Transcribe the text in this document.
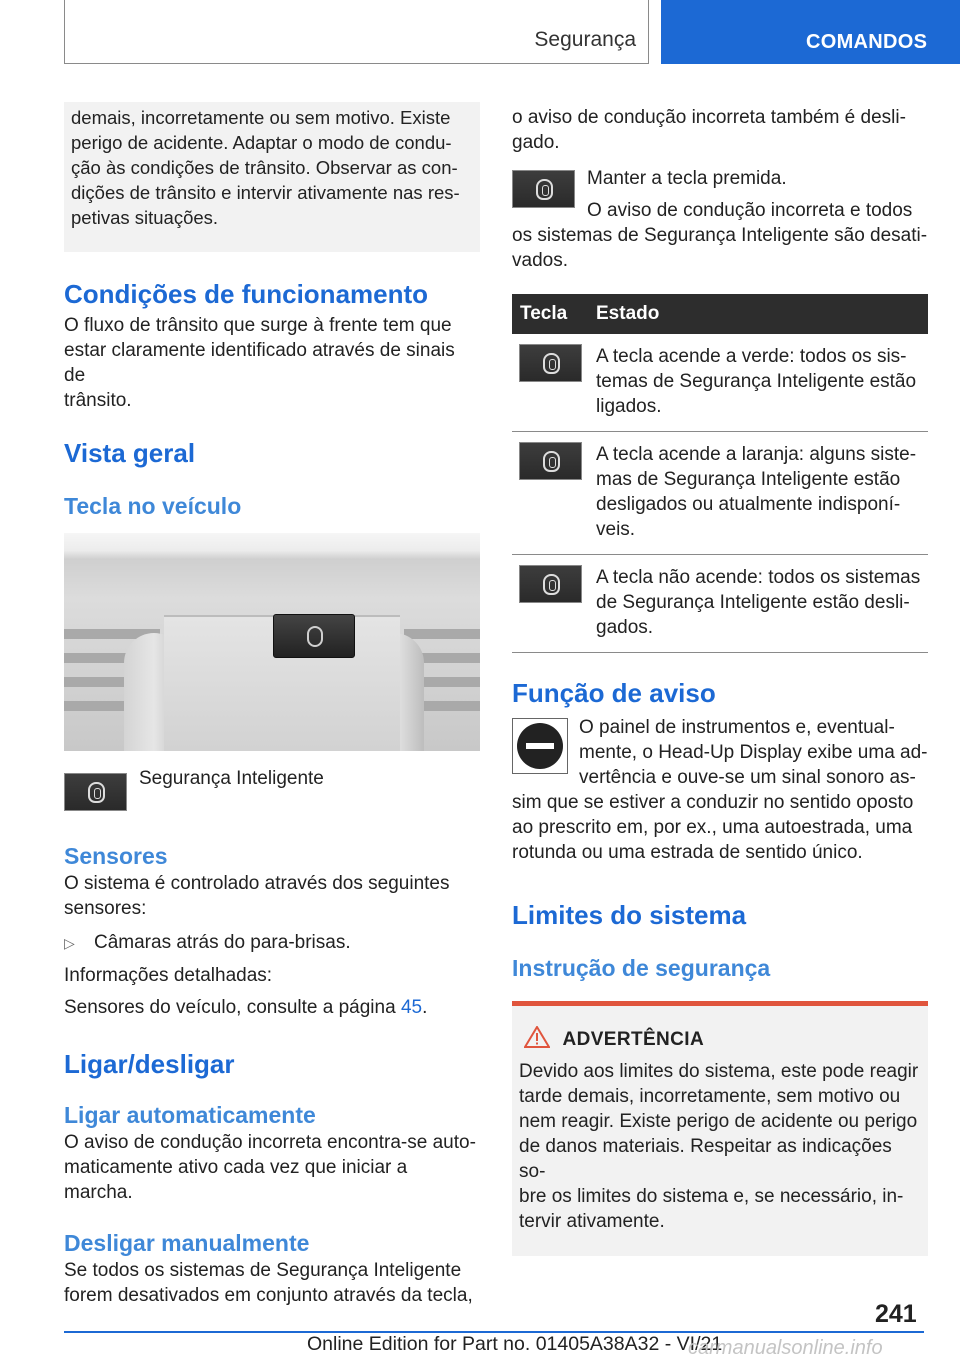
Segurança	COMANDOS

demais, incorretamente ou sem motivo. Existe

perigo de acidente. Adaptar o modo de condu-

ção às condições de trânsito. Observar as con-

dições de trânsito e intervir ativamente nas res-

petivas situações.

Condições de funcionamento

O fluxo de trânsito que surge à frente tem que

estar claramente identificado através de sinais de

trânsito.

Vista geral
Tecla no veículo

Segurança Inteligente

Sensores

O sistema é controlado através dos seguintes

sensores:

▷ Câmaras atrás do para-brisas.

Informações detalhadas:

Sensores do veículo, consulte a página 45.

Ligar/desligar
Ligar automaticamente

O aviso de condução incorreta encontra-se auto-

maticamente ativo cada vez que iniciar a marcha.

Desligar manualmente

Se todos os sistemas de Segurança Inteligente

forem desativados em conjunto através da tecla,

o aviso de condução incorreta também é desli-

gado.

Manter a tecla premida.

O aviso de condução incorreta e todos

os sistemas de Segurança Inteligente são desati-

vados.

Tecla	Estado

	A tecla acende a verde: todos os sis-
temas de Segurança Inteligente estão
ligados.

	A tecla acende a laranja: alguns siste-
mas de Segurança Inteligente estão
desligados ou atualmente indisponí-
veis.

	A tecla não acende: todos os sistemas
de Segurança Inteligente estão desli-
gados.
Função de aviso

O painel de instrumentos e, eventual-

mente, o Head-Up Display exibe uma ad-

vertência e ouve-se um sinal sonoro as-

sim que se estiver a conduzir no sentido oposto

ao prescrito em, por ex., uma autoestrada, uma

rotunda ou uma estrada de sentido único.

Limites do sistema
Instrução de segurança
ADVERTÊNCIA

Devido aos limites do sistema, este pode reagir

tarde demais, incorretamente, sem motivo ou

nem reagir. Existe perigo de acidente ou perigo

de danos materiais. Respeitar as indicações so-

bre os limites do sistema e, se necessário, in-

tervir ativamente.

241
Online Edition for Part no. 01405A38A32 - VI/21
carmanualsonline.info
